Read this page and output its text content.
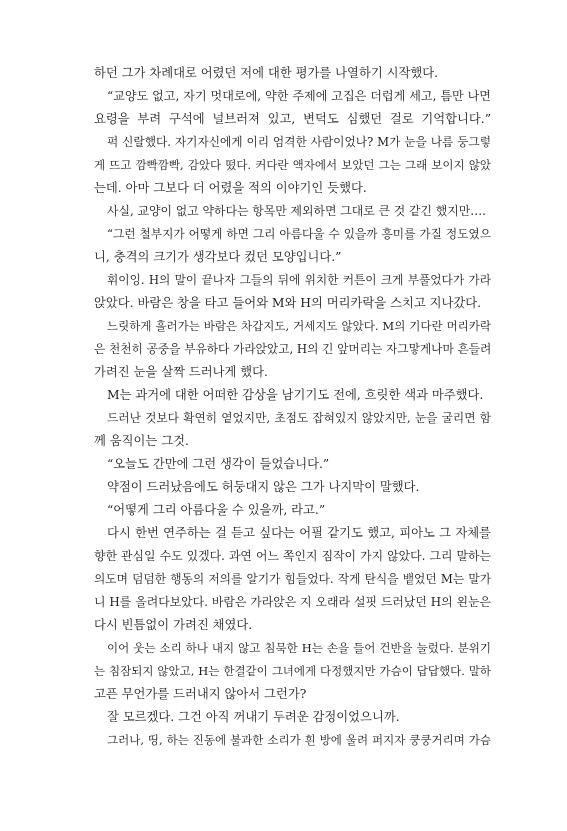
하던 그가 차례대로 어렸던 저에 대한 평가를 나열하기 시작했다.
“교양도 없고, 자기 멋대로에, 약한 주제에 고집은 더럽게 세고, 틈만 나면
요령을 부려 구석에 널브러져 있고, 변덕도 심했던 걸로 기억합니다.”
퍽 신랄했다. 자기자신에게 이리 엄격한 사람이었나? M가 눈을 나름 둥그렇
게 뜨고 깜빡깜빡, 감았다 떴다. 커다란 액자에서 보았던 그는 그래 보이지 않았
는데. 아마 그보다 더 어렸을 적의 이야기인 듯했다.
사실, 교양이 없고 약하다는 항목만 제외하면 그대로 큰 것 같긴 했지만….
“그런 철부지가 어떻게 하면 그리 아름다울 수 있을까 흥미를 가질 정도였으
니, 충격의 크기가 생각보다 컸던 모양입니다.”
휘이잉. H의 말이 끝나자 그들의 뒤에 위치한 커튼이 크게 부풀었다가 가라
앉았다. 바람은 창을 타고 들어와 M와 H의 머리카락을 스치고 지나갔다.
느릿하게 흘러가는 바람은 차갑지도, 거세지도 않았다. M의 기다란 머리카락
은 천천히 공중을 부유하다 가라앉았고, H의 긴 앞머리는 자그맣게나마 흔들려
가려진 눈을 살짝 드러나게 했다.
M는 과거에 대한 어떠한 감상을 남기기도 전에, 흐릿한 색과 마주했다.
드러난 것보다 확연히 옅었지만, 초점도 잡혀있지 않았지만, 눈을 굴리면 함
께 움직이는 그것.
“오늘도 간만에 그런 생각이 들었습니다.”
약점이 드러났음에도 허둥대지 않은 그가 나지막이 말했다.
“어떻게 그리 아름다울 수 있을까, 라고.”
다시 한번 연주하는 걸 듣고 싶다는 어필 같기도 했고, 피아노 그 자체를
향한 관심일 수도 있겠다. 과연 어느 쪽인지 짐작이 가지 않았다. 그리 말하는
의도며 덤덤한 행동의 저의를 알기가 힘들었다. 작게 탄식을 뱉었던 M는 말가
니 H를 올려다보았다. 바람은 가라앉은 지 오래라 설핏 드러났던 H의 왼눈은
다시 빈틈없이 가려진 채였다.
이어 웃는 소리 하나 내지 않고 침묵한 H는 손을 들어 건반을 눌렀다. 분위기
는 침잠되지 않았고, H는 한결같이 그녀에게 다정했지만 가슴이 답답했다. 말하
고픈 무언가를 드러내지 않아서 그런가?
잘 모르겠다. 그건 아직 꺼내기 두려운 감정이었으니까.
그러나, 띵, 하는 진동에 불과한 소리가 흰 방에 울려 퍼지자 쿵쿵거리며 가슴
